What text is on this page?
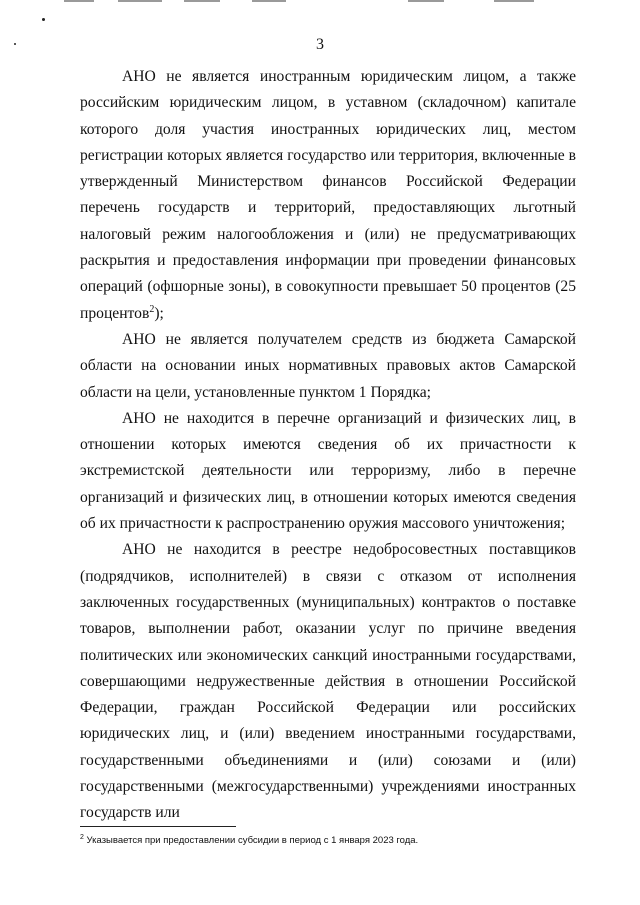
3

АНО не является иностранным юридическим лицом, а также российским юридическим лицом, в уставном (складочном) капитале которого доля участия иностранных юридических лиц, местом регистрации которых является государство или территория, включенные в утвержденный Министерством финансов Российской Федерации перечень государств и территорий, предоставляющих льготный налоговый режим налогообложения и (или) не предусматривающих раскрытия и предоставления информации при проведении финансовых операций (офшорные зоны), в совокупности превышает 50 процентов (25 процентов$^2$);

АНО не является получателем средств из бюджета Самарской области на основании иных нормативных правовых актов Самарской области на цели, установленные пунктом 1 Порядка;

АНО не находится в перечне организаций и физических лиц, в отношении которых имеются сведения об их причастности к экстремистской деятельности или терроризму, либо в перечне организаций и физических лиц, в отношении которых имеются сведения об их причастности к распространению оружия массового уничтожения;

АНО не находится в реестре недобросовестных поставщиков (подрядчиков, исполнителей) в связи с отказом от исполнения заключенных государственных (муниципальных) контрактов о поставке товаров, выполнении работ, оказании услуг по причине введения политических или экономических санкций иностранными государствами, совершающими недружественные действия в отношении Российской Федерации, граждан Российской Федерации или российских юридических лиц, и (или) введением иностранными государствами, государственными объединениями и (или) союзами и (или) государственными (межгосударственными) учреждениями иностранных государств или

$^2$ Указывается при предоставлении субсидии в период с 1 января 2023 года.
